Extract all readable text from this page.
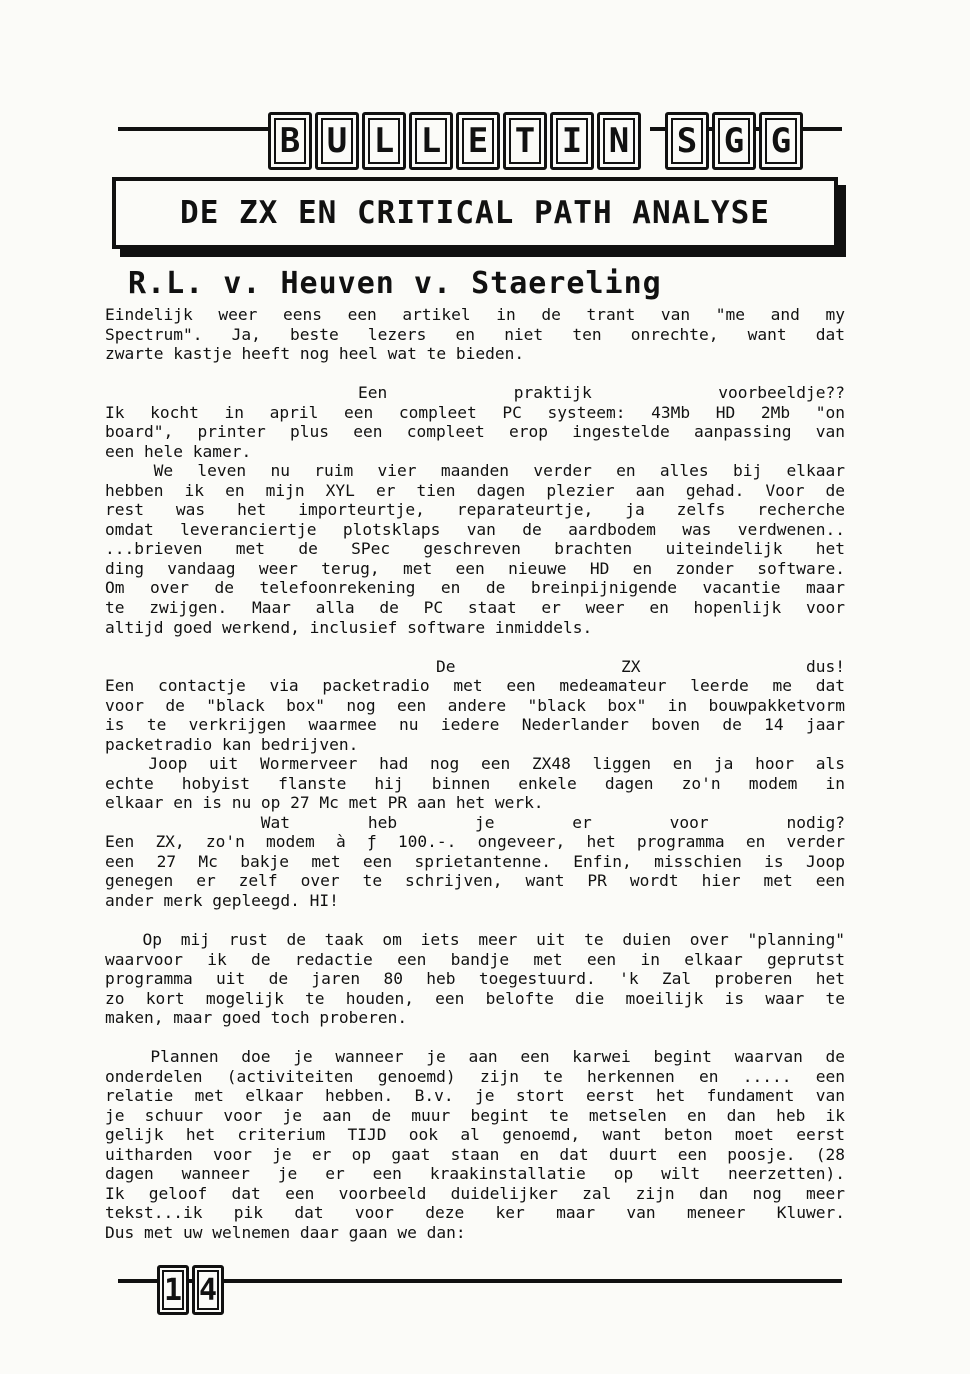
B U L L E T I N	S G G
DE ZX EN CRITICAL PATH ANALYSE
R.L. v. Heuven v. Staereling
Eindelijk weer eens een artikel in de trant van "me and my
Spectrum". Ja, beste lezers en niet ten onrechte, want dat
zwarte kastje heeft nog heel wat te bieden.
Een praktijk voorbeeldje??
Ik kocht in april een compleet PC systeem: 43Mb HD 2Mb "on
board", printer plus een compleet erop ingestelde aanpassing van
een hele kamer.
We leven nu ruim vier maanden verder en alles bij elkaar
hebben ik en mijn XYL er tien dagen plezier aan gehad. Voor de
rest was het importeurtje, reparateurtje, ja zelfs recherche
omdat leveranciertje plotsklaps van de aardbodem was verdwenen..
...brieven met de SPec geschreven brachten uiteindelijk het
ding vandaag weer terug, met een nieuwe HD en zonder software.
Om over de telefoonrekening en de breinpijnigende vacantie maar
te zwijgen. Maar alla de PC staat er weer en hopenlijk voor
altijd goed werkend, inclusief software inmiddels.
De ZX dus!
Een contactje via packetradio met een medeamateur leerde me dat
voor de "black box" nog een andere "black box" in bouwpakketvorm
is te verkrijgen waarmee nu iedere Nederlander boven de 14 jaar
packetradio kan bedrijven.
Joop uit Wormerveer had nog een ZX48 liggen en ja hoor als
echte hobyist flanste hij binnen enkele dagen zo'n modem in
elkaar en is nu op 27 Mc met PR aan het werk.
Wat heb je er voor nodig?
Een ZX, zo'n modem à ƒ 100.-. ongeveer, het programma en verder
een 27 Mc bakje met een sprietantenne. Enfin, misschien is Joop
genegen er zelf over te schrijven, want PR wordt hier met een
ander merk gepleegd. HI!
Op mij rust de taak om iets meer uit te duien over "planning"
waarvoor ik de redactie een bandje met een in elkaar geprutst
programma uit de jaren 80 heb toegestuurd. 'k Zal proberen het
zo kort mogelijk te houden, een belofte die moeilijk is waar te
maken, maar goed toch proberen.
Plannen doe je wanneer je aan een karwei begint waarvan de
onderdelen (activiteiten genoemd) zijn te herkennen en ..... een
relatie met elkaar hebben. B.v. je stort eerst het fundament van
je schuur voor je aan de muur begint te metselen en dan heb ik
gelijk het criterium TIJD ook al genoemd, want beton moet eerst
uitharden voor je er op gaat staan en dat duurt een poosje. (28
dagen wanneer je er een kraakinstallatie op wilt neerzetten).
Ik geloof dat een voorbeeld duidelijker zal zijn dan nog meer
tekst...ik pik dat voor deze ker maar van meneer Kluwer.
Dus met uw welnemen daar gaan we dan:
1 4
